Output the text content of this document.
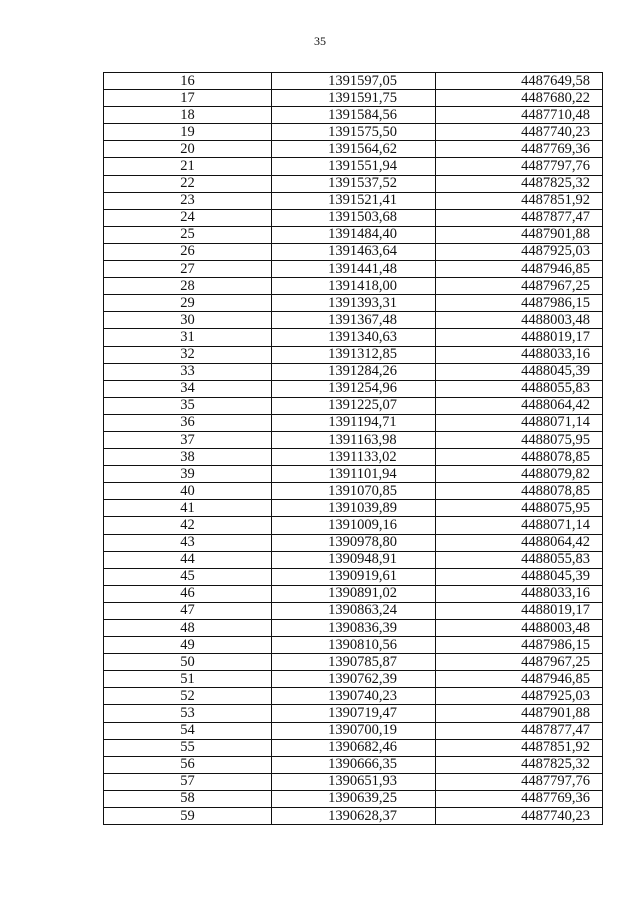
35
16	1391597,05	4487649,58
17	1391591,75	4487680,22
18	1391584,56	4487710,48
19	1391575,50	4487740,23
20	1391564,62	4487769,36
21	1391551,94	4487797,76
22	1391537,52	4487825,32
23	1391521,41	4487851,92
24	1391503,68	4487877,47
25	1391484,40	4487901,88
26	1391463,64	4487925,03
27	1391441,48	4487946,85
28	1391418,00	4487967,25
29	1391393,31	4487986,15
30	1391367,48	4488003,48
31	1391340,63	4488019,17
32	1391312,85	4488033,16
33	1391284,26	4488045,39
34	1391254,96	4488055,83
35	1391225,07	4488064,42
36	1391194,71	4488071,14
37	1391163,98	4488075,95
38	1391133,02	4488078,85
39	1391101,94	4488079,82
40	1391070,85	4488078,85
41	1391039,89	4488075,95
42	1391009,16	4488071,14
43	1390978,80	4488064,42
44	1390948,91	4488055,83
45	1390919,61	4488045,39
46	1390891,02	4488033,16
47	1390863,24	4488019,17
48	1390836,39	4488003,48
49	1390810,56	4487986,15
50	1390785,87	4487967,25
51	1390762,39	4487946,85
52	1390740,23	4487925,03
53	1390719,47	4487901,88
54	1390700,19	4487877,47
55	1390682,46	4487851,92
56	1390666,35	4487825,32
57	1390651,93	4487797,76
58	1390639,25	4487769,36
59	1390628,37	4487740,23
